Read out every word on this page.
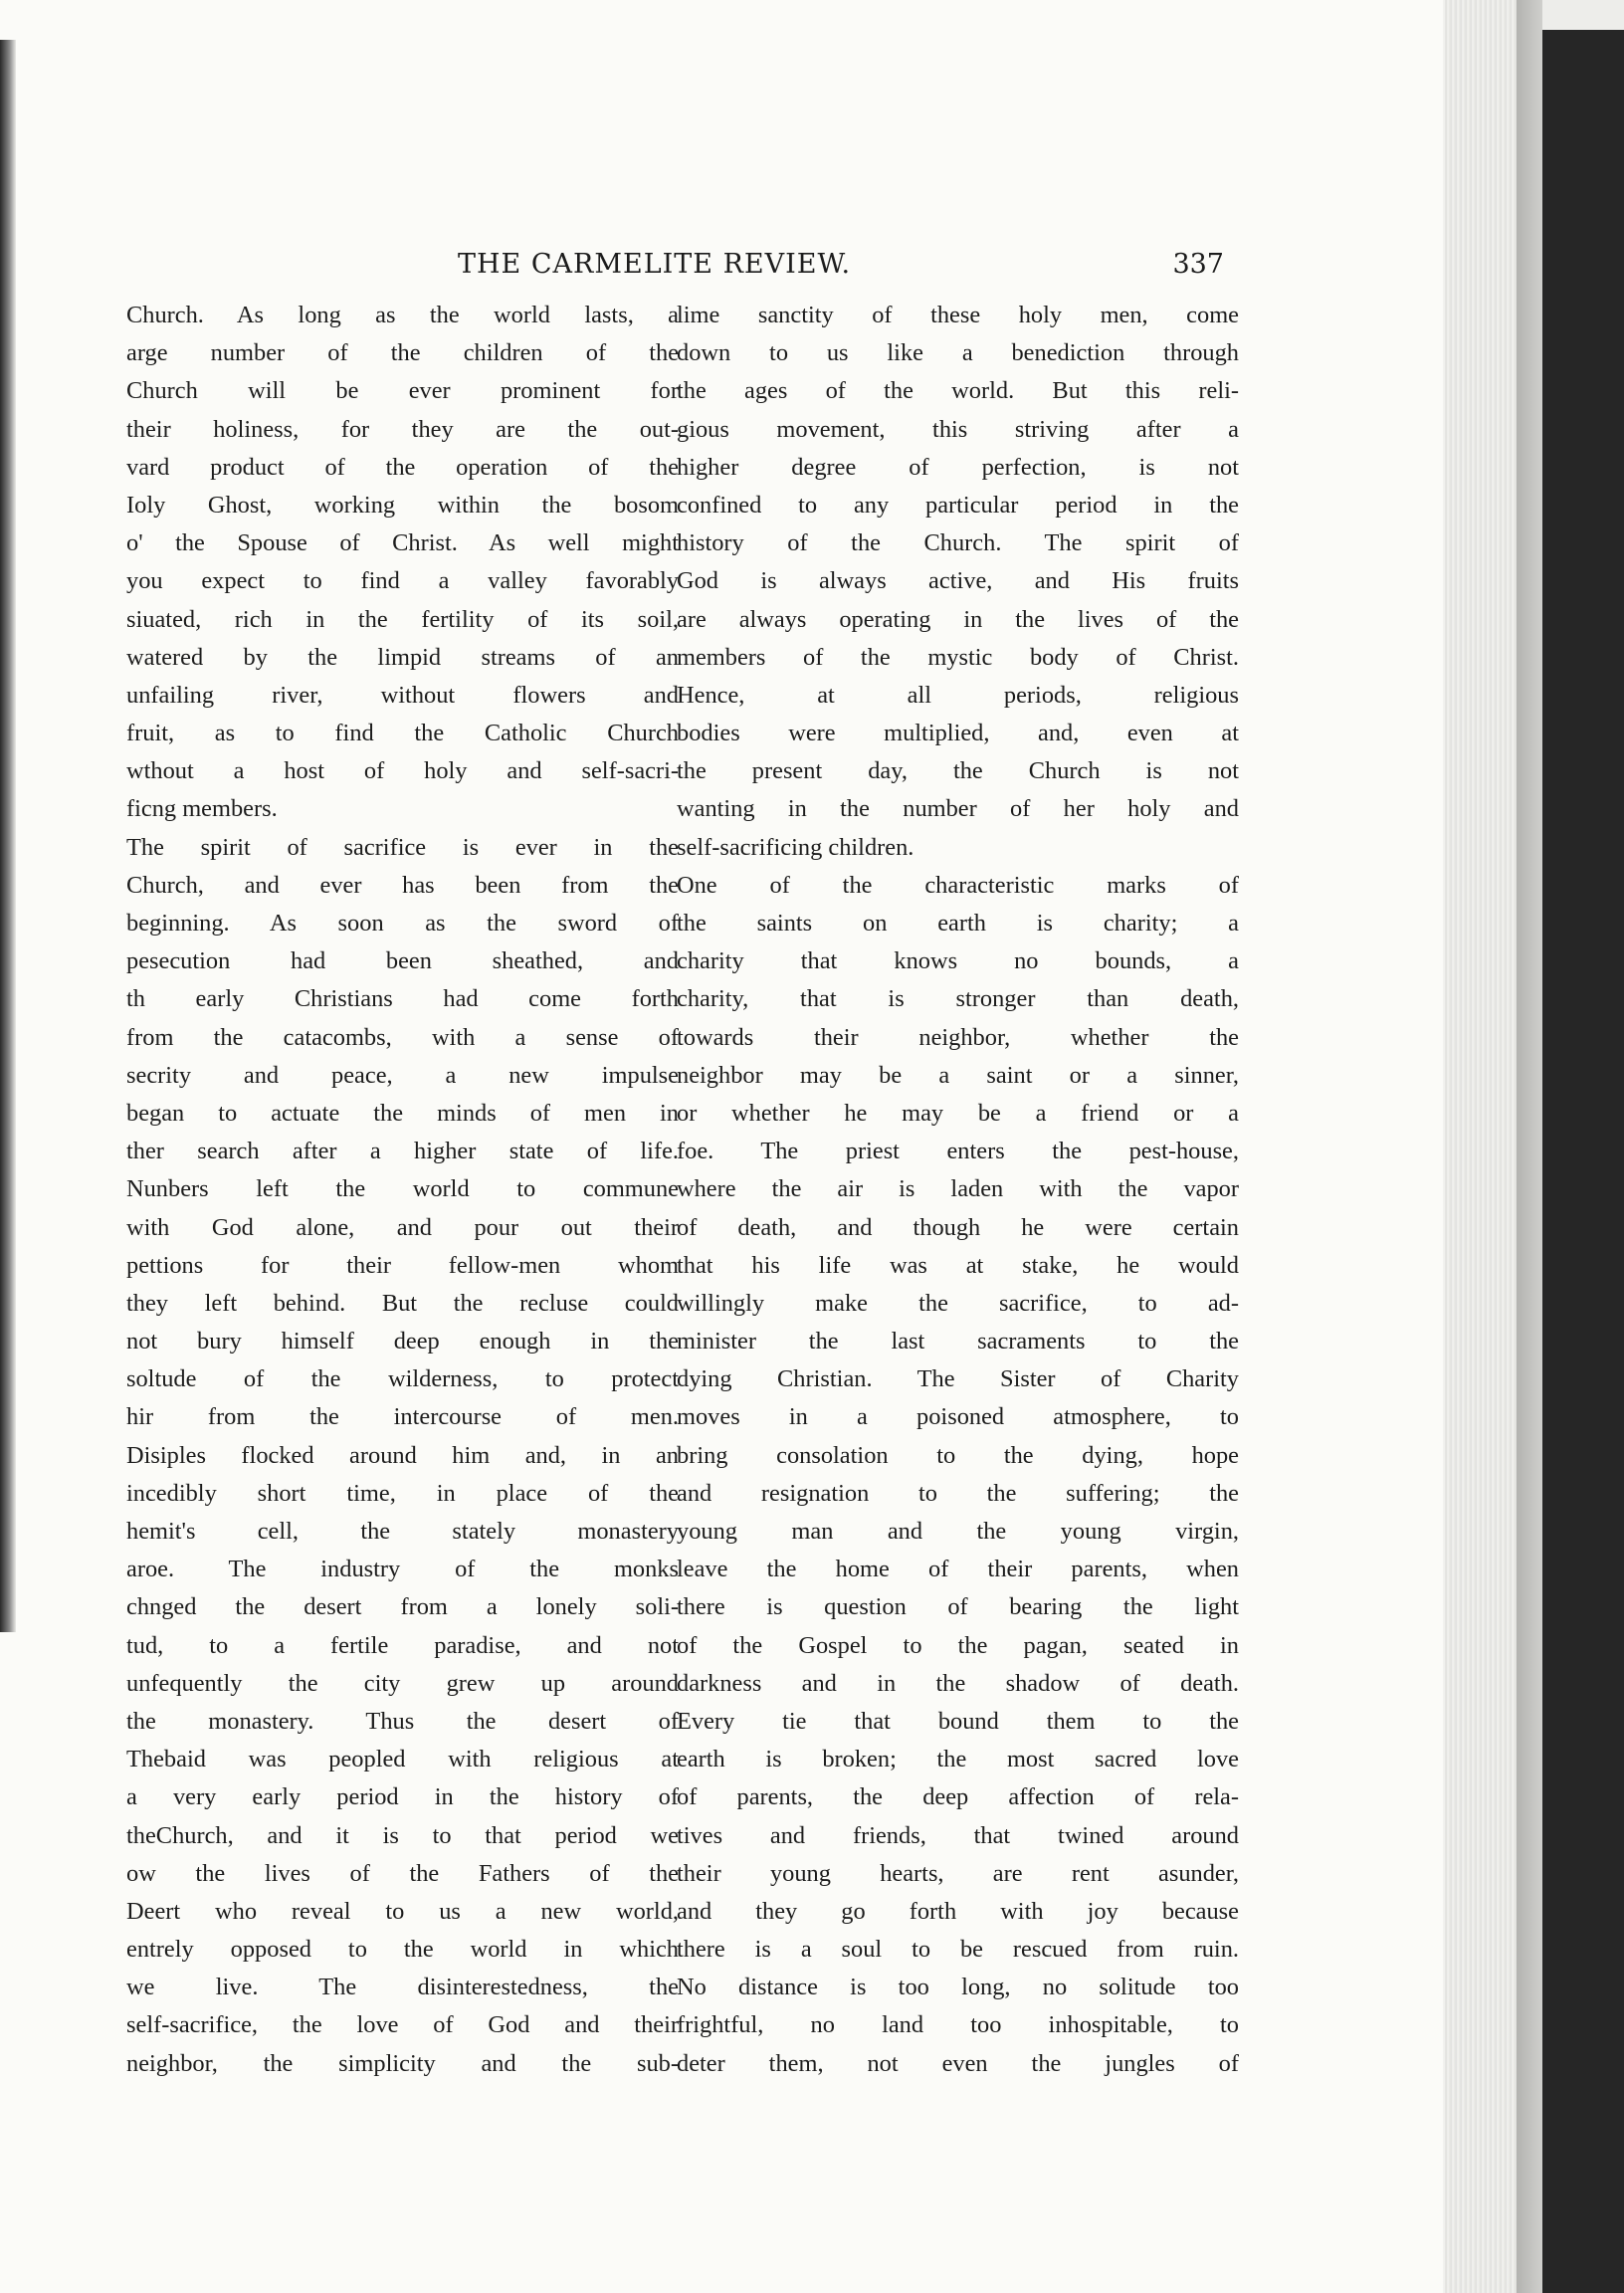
THE CARMELITE REVIEW.	337
Church. As long as the world lasts, a
arge number of the children of the
Church will be ever prominent for
their holiness, for they are the out-
vard product of the operation of the
Ioly Ghost, working within the bosom
o' the Spouse of Christ. As well might
you expect to find a valley favorably
siuated, rich in the fertility of its soil,
watered by the limpid streams of an
unfailing river, without flowers and
fruit, as to find the Catholic Church
wthout a host of holy and self-sacri-
ficng members.
The spirit of sacrifice is ever in the
Church, and ever has been from the
beginning. As soon as the sword of
pesecution had been sheathed, and
th early Christians had come forth
from the catacombs, with a sense of
secrity and peace, a new impulse
began to actuate the minds of men in
ther search after a higher state of life.
Nunbers left the world to commune
with God alone, and pour out their
pettions for their fellow-men whom
they left behind. But the recluse could
not bury himself deep enough in the
soltude of the wilderness, to protect
hir from the intercourse of men.
Disiples flocked around him and, in an
incedibly short time, in place of the
hemit's cell, the stately monastery
aroe. The industry of the monks
chnged the desert from a lonely soli-
tud, to a fertile paradise, and not
unfequently the city grew up around
the monastery. Thus the desert of
Thebaid was peopled with religious at
a very early period in the history of
theChurch, and it is to that period we
ow the lives of the Fathers of the
Deert who reveal to us a new world,
entrely opposed to the world in which
we live. The disinterestedness, the
self-sacrifice, the love of God and their
neighbor, the simplicity and the sub-
lime sanctity of these holy men, come
down to us like a benediction through
the ages of the world. But this reli-
gious movement, this striving after a
higher degree of perfection, is not
confined to any particular period in the
history of the Church. The spirit of
God is always active, and His fruits
are always operating in the lives of the
members of the mystic body of Christ.
Hence, at all periods, religious
bodies were multiplied, and, even at
the present day, the Church is not
wanting in the number of her holy and
self-sacrificing children.
One of the characteristic marks of
the saints on earth is charity; a
charity that knows no bounds, a
charity, that is stronger than death,
towards their neighbor, whether the
neighbor may be a saint or a sinner,
or whether he may be a friend or a
foe. The priest enters the pest-house,
where the air is laden with the vapor
of death, and though he were certain
that his life was at stake, he would
willingly make the sacrifice, to ad-
minister the last sacraments to the
dying Christian. The Sister of Charity
moves in a poisoned atmosphere, to
bring consolation to the dying, hope
and resignation to the suffering; the
young man and the young virgin,
leave the home of their parents, when
there is question of bearing the light
of the Gospel to the pagan, seated in
darkness and in the shadow of death.
Every tie that bound them to the
earth is broken; the most sacred love
of parents, the deep affection of rela-
tives and friends, that twined around
their young hearts, are rent asunder,
and they go forth with joy because
there is a soul to be rescued from ruin.
No distance is too long, no solitude too
frightful, no land too inhospitable, to
deter them, not even the jungles of
